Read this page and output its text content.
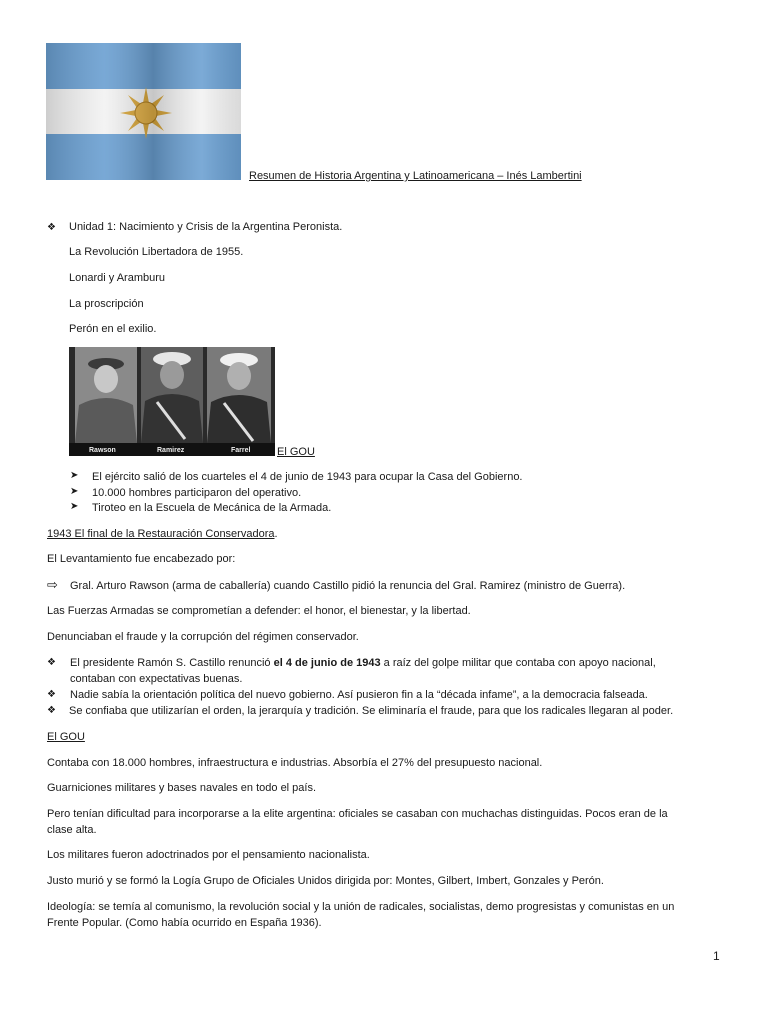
Resumen de Historia Argentina y Latinoamericana – Inés Lambertini
❖ Unidad 1: Nacimiento y Crisis de la Argentina Peronista.
La Revolución Libertadora de 1955.
Lonardi y Aramburu
La proscripción
Perón en el exilio.
Rawson	Ramirez	Farrel El GOU
➤ El ejército salió de los cuarteles el 4 de junio de 1943 para ocupar la Casa del Gobierno.
➤ 10.000 hombres participaron del operativo.
➤ Tiroteo en la Escuela de Mecánica de la Armada.
1943 El final de la Restauración Conservadora.
El Levantamiento fue encabezado por:
⇨ Gral. Arturo Rawson (arma de caballería) cuando Castillo pidió la renuncia del Gral. Ramirez (ministro de Guerra).
Las Fuerzas Armadas se comprometían a defender: el honor, el bienestar, y la libertad.
Denunciaban el fraude y la corrupción del régimen conservador.
❖ El presidente Ramón S. Castillo renunció el 4 de junio de 1943 a raíz del golpe militar que contaba con apoyo nacional,
contaban con expectativas buenas.
❖ Nadie sabía la orientación política del nuevo gobierno. Así pusieron fin a la “década infame”, a la democracia falseada.
❖ Se confiaba que utilizarían el orden, la jerarquía y tradición. Se eliminaría el fraude, para que los radicales llegaran al poder.
El GOU
Contaba con 18.000 hombres, infraestructura e industrias. Absorbía el 27% del presupuesto nacional.
Guarniciones militares y bases navales en todo el país.
Pero tenían dificultad para incorporarse a la elite argentina: oficiales se casaban con muchachas distinguidas. Pocos eran de la
clase alta.
Los militares fueron adoctrinados por el pensamiento nacionalista.
Justo murió y se formó la Logía Grupo de Oficiales Unidos dirigida por: Montes, Gilbert, Imbert, Gonzales y Perón.
Ideología: se temía al comunismo, la revolución social y la unión de radicales, socialistas, demo progresistas y comunistas en un
Frente Popular. (Como había ocurrido en España 1936).
1
